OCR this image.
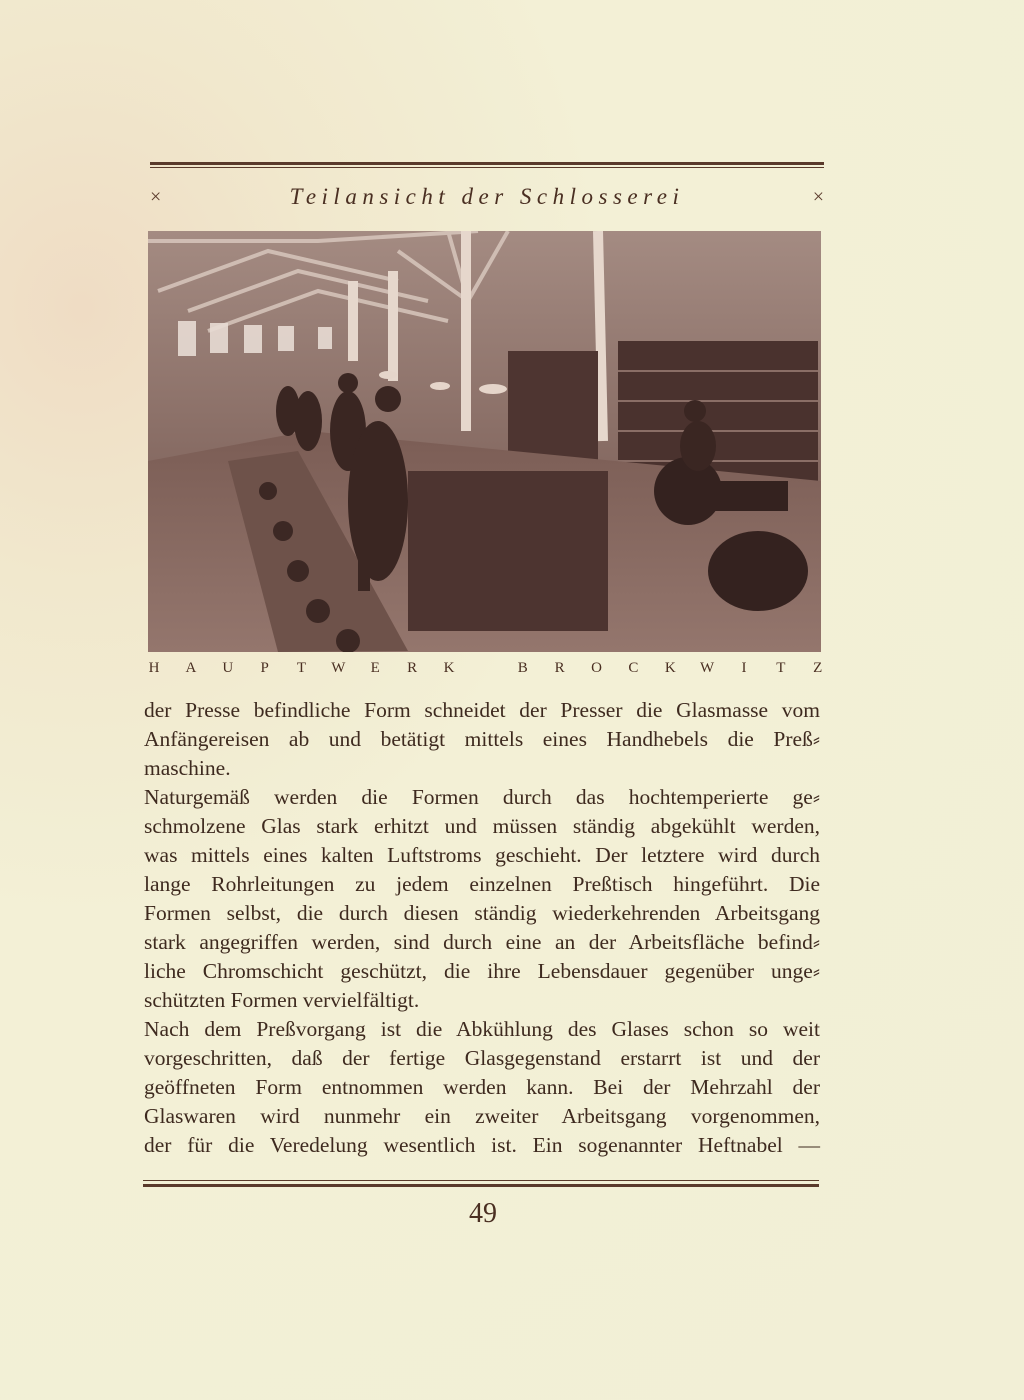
×	Teilansicht der Schlosserei	×
H A U P T W E R K	B R O C K W	I	T Z
der Presse befindliche Form schneidet der Presser die Glasmasse vom
Anfängereisen ab und betätigt mittels eines Handhebels die Preß⸗
maschine.
Naturgemäß werden die Formen durch das hochtemperierte ge⸗
schmolzene Glas stark erhitzt und müssen ständig abgekühlt werden,
was mittels eines kalten Luftstroms geschieht. Der letztere wird durch
lange Rohrleitungen zu jedem einzelnen Preßtisch hingeführt. Die
Formen selbst, die durch diesen ständig wiederkehrenden Arbeitsgang
stark angegriffen werden, sind durch eine an der Arbeitsfläche befind⸗
liche Chromschicht geschützt, die ihre Lebensdauer gegenüber unge⸗
schützten Formen vervielfältigt.
Nach dem Preßvorgang ist die Abkühlung des Glases schon so weit
vorgeschritten, daß der fertige Glasgegenstand erstarrt ist und der
geöffneten Form entnommen werden kann. Bei der Mehrzahl der
Glaswaren wird nunmehr ein zweiter Arbeitsgang vorgenommen,
der für die Veredelung wesentlich ist. Ein sogenannter Heftnabel —
49
